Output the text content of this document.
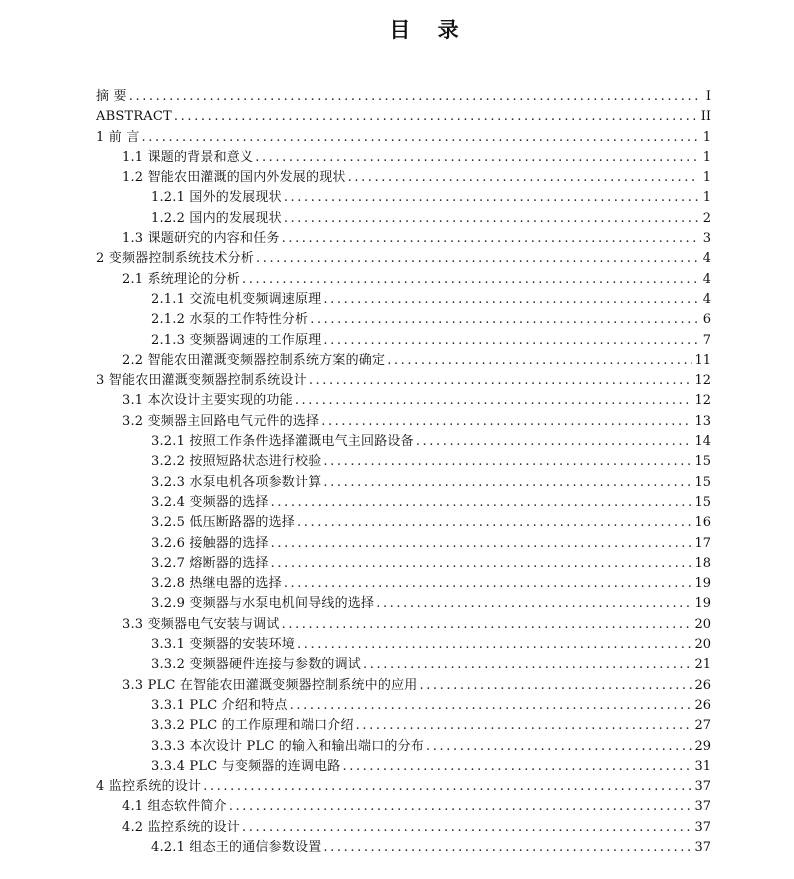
目 录
摘 要 .....	I
ABSTRACT .....	II
1 前 言 .....	1
1.1 课题的背景和意义 .....	1
1.2 智能农田灌溉的国内外发展的现状 .....	1
1.2.1 国外的发展现状 .....	1
1.2.2 国内的发展现状 .....	2
1.3 课题研究的内容和任务 .....	3
2 变频器控制系统技术分析 .....	4
2.1 系统理论的分析 .....	4
2.1.1 交流电机变频调速原理 .....	4
2.1.2 水泵的工作特性分析 .....	6
2.1.3 变频器调速的工作原理 .....	7
2.2 智能农田灌溉变频器控制系统方案的确定 .....	11
3 智能农田灌溉变频器控制系统设计 .....	12
3.1 本次设计主要实现的功能 .....	12
3.2 变频器主回路电气元件的选择 .....	13
3.2.1 按照工作条件选择灌溉电气主回路设备 .....	14
3.2.2 按照短路状态进行校验 .....	15
3.2.3 水泵电机各项参数计算 .....	15
3.2.4 变频器的选择 .....	15
3.2.5 低压断路器的选择 .....	16
3.2.6 接触器的选择 .....	17
3.2.7 熔断器的选择 .....	18
3.2.8 热继电器的选择 .....	19
3.2.9 变频器与水泵电机间导线的选择 .....	19
3.3 变频器电气安装与调试 .....	20
3.3.1 变频器的安装环境 .....	20
3.3.2 变频器硬件连接与参数的调试 .....	21
3.3 PLC 在智能农田灌溉变频器控制系统中的应用 .....	26
3.3.1 PLC 介绍和特点 .....	26
3.3.2 PLC 的工作原理和端口介绍 .....	27
3.3.3 本次设计 PLC 的输入和输出端口的分布 .....	29
3.3.4 PLC 与变频器的连调电路 .....	31
4 监控系统的设计 .....	37
4.1 组态软件简介 .....	37
4.2 监控系统的设计 .....	37
4.2.1 组态王的通信参数设置 .....	37
